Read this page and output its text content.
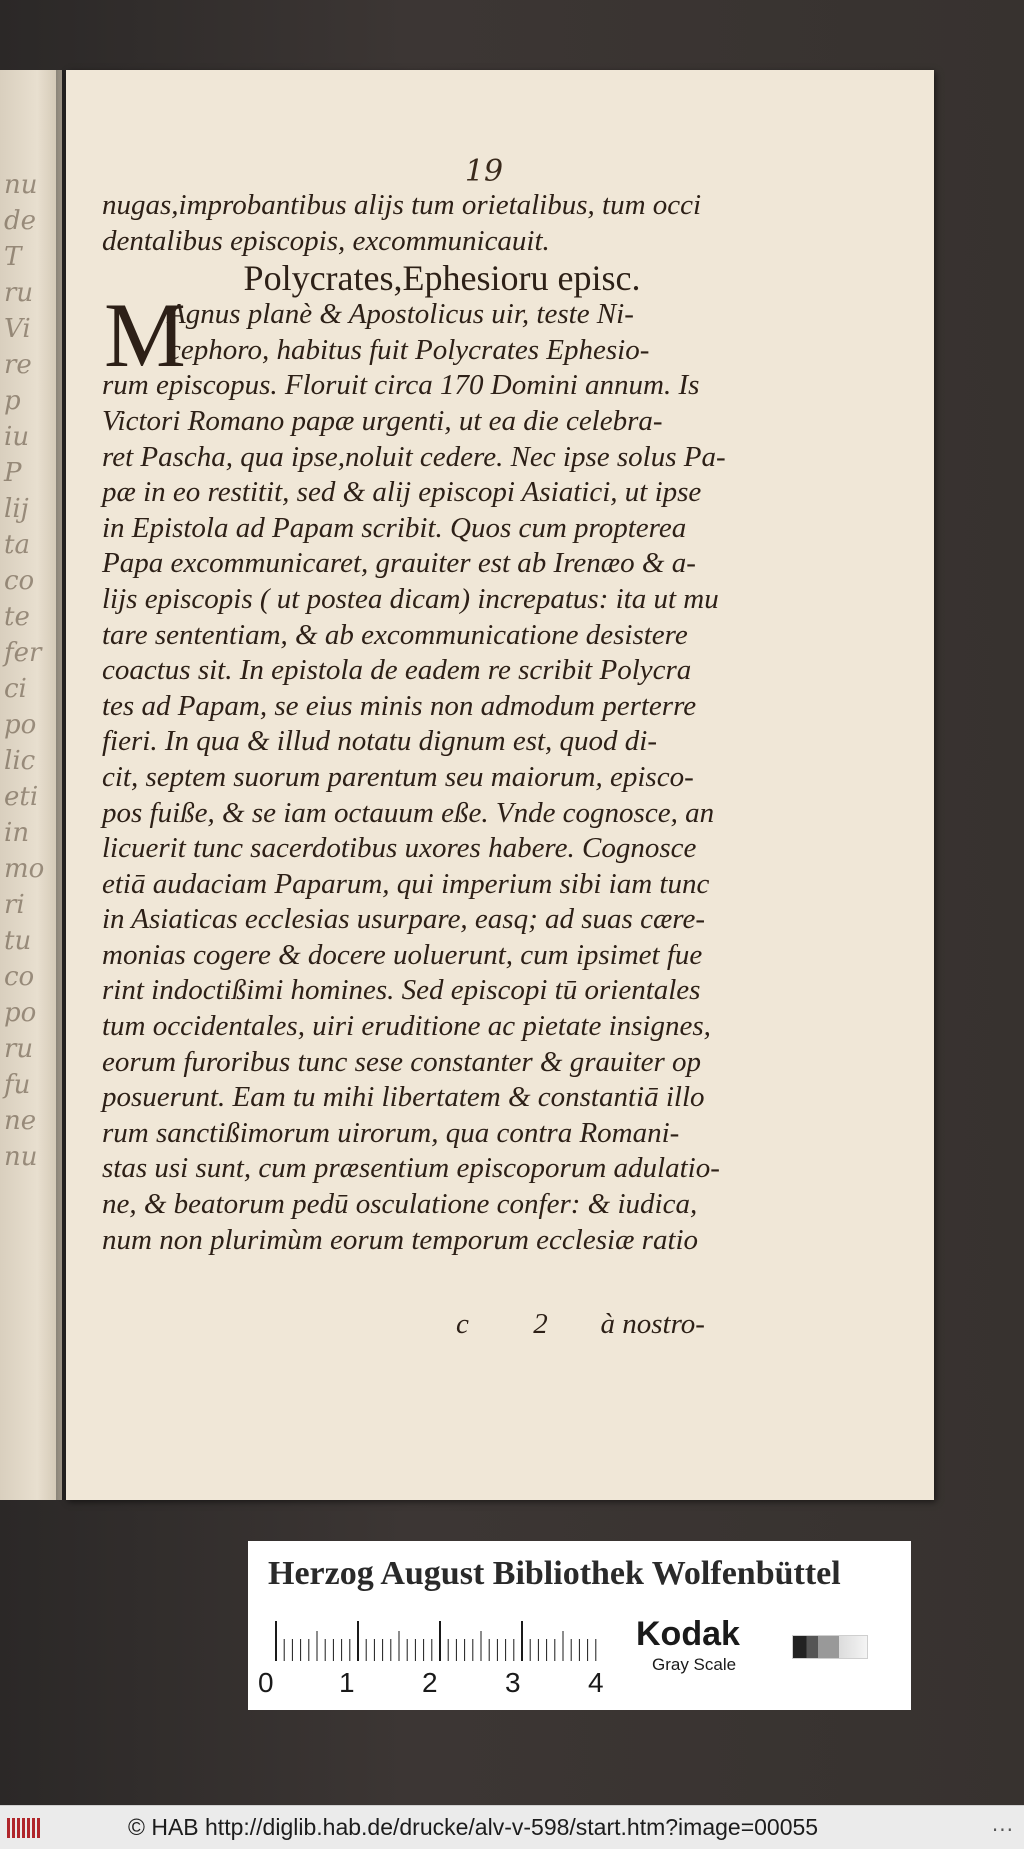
nu
de
T
ru
Vi
re
p
iu
P
lij
ta
co
te
fer
ci
po
lic
eti
in
mo
ri
tu
co
po
ru
fu
ne
nu
19
nugas,improbantibus alijs tum orietalibus, tum occi
dentalibus episcopis, excommunicauit.
Polycrates,Ephesioru episc.
M
Agnus planè & Apostolicus uir, teste Ni-
cephoro, habitus fuit Polycrates Ephesio-
rum episcopus. Floruit circa 170 Domini annum. Is
Victori Romano papæ urgenti, ut ea die celebra-
ret Pascha, qua ipse,noluit cedere. Nec ipse solus Pa-
pæ in eo restitit, sed & alij episcopi Asiatici, ut ipse
in Epistola ad Papam scribit. Quos cum propterea
Papa excommunicaret, grauiter est ab Irenæo & a-
lijs episcopis ( ut postea dicam) increpatus: ita ut mu
tare sententiam, & ab excommunicatione desistere
coactus sit. In epistola de eadem re scribit Polycra
tes ad Papam, se eius minis non admodum perterre
fieri. In qua & illud notatu dignum est, quod di-
cit, septem suorum parentum seu maiorum, episco-
pos fuiße, & se iam octauum eße. Vnde cognosce, an
licuerit tunc sacerdotibus uxores habere. Cognosce
etiā audaciam Paparum, qui imperium sibi iam tunc
in Asiaticas ecclesias usurpare, easq; ad suas cære-
monias cogere & docere uoluerunt, cum ipsimet fue
rint indoctißimi homines. Sed episcopi tū orientales
tum occidentales, uiri eruditione ac pietate insignes,
eorum furoribus tunc sese constanter & grauiter op
posuerunt. Eam tu mihi libertatem & constantiā illo
rum sanctißimorum uirorum, qua contra Romani-
stas usi sunt, cum præsentium episcoporum adulatio-
ne, & beatorum pedū osculatione confer: & iudica,
num non plurimùm eorum temporum ecclesiæ ratio
c 2 à nostro-
Herzog August Bibliothek Wolfenbüttel
0 1 2 3 4
Kodak
Gray Scale
© HAB http://diglib.hab.de/drucke/alv-v-598/start.htm?image=00055	...
